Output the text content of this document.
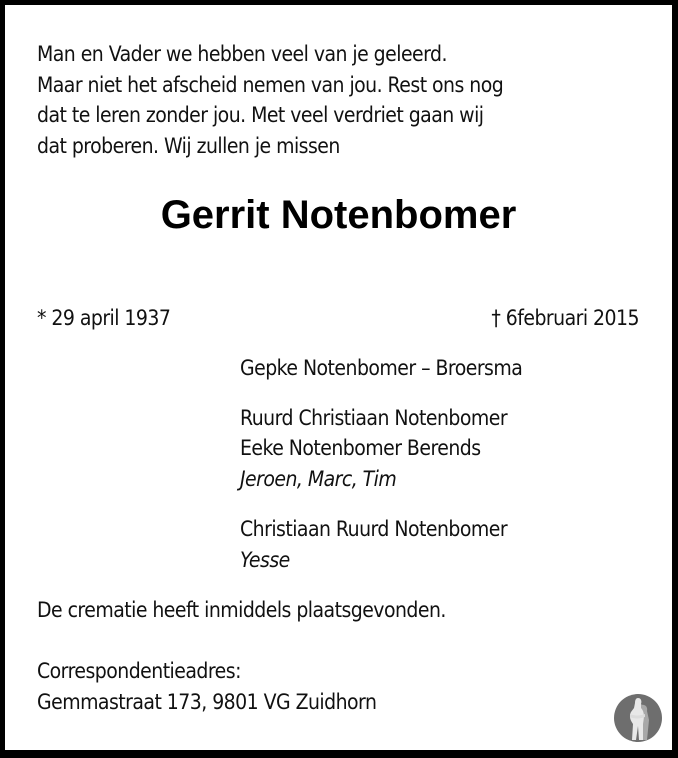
Man en Vader we hebben veel van je geleerd.
Maar niet het afscheid nemen van jou. Rest ons nog
dat te leren zonder jou. Met veel verdriet gaan wij
dat proberen. Wij zullen je missen
Gerrit Notenbomer
* 29 april 1937	† 6februari 2015
Gepke Notenbomer – Broersma
Ruurd Christiaan Notenbomer
Eeke Notenbomer Berends
Jeroen, Marc, Tim
Christiaan Ruurd Notenbomer
Yesse
De crematie heeft inmiddels plaatsgevonden.
Correspondentieadres:
Gemmastraat 173, 9801 VG Zuidhorn
